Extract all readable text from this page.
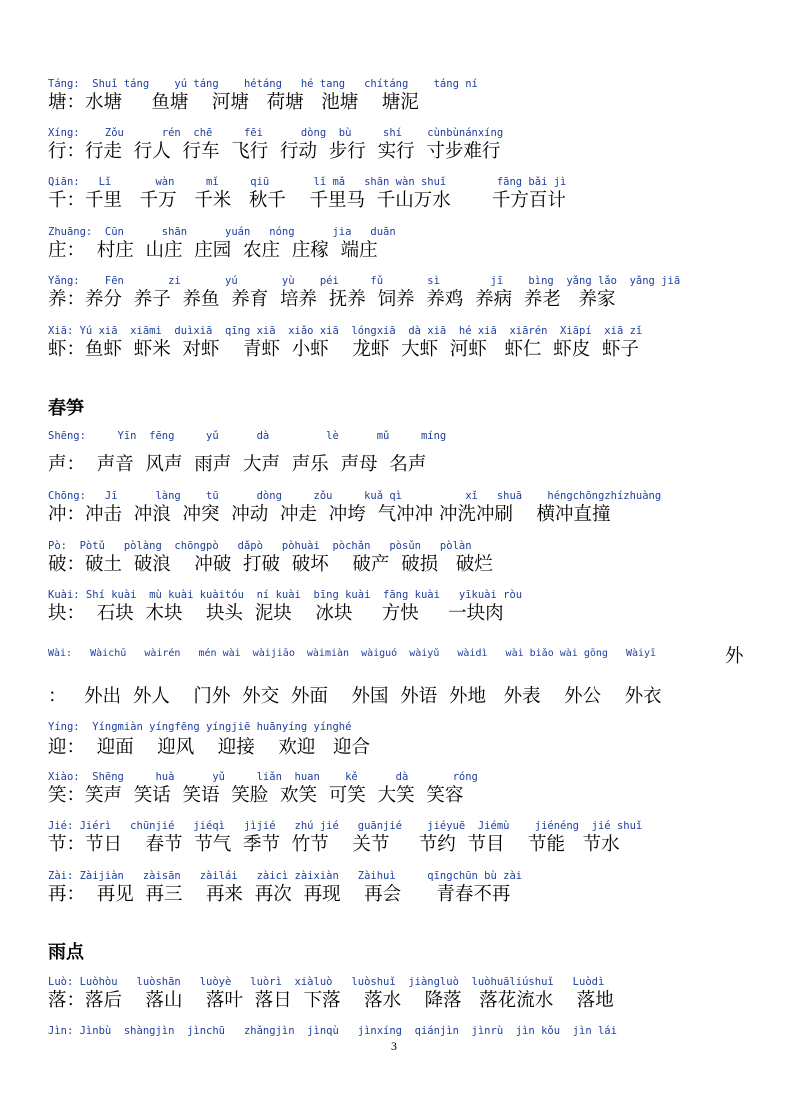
Táng:  Shuǐ táng    yú táng    hétáng   hé tang   chítáng    táng ní
塘：水塘     鱼塘    河塘   荷塘   池塘    塘泥
Xíng:    Zǒu      rén  chē     fēi      dòng  bù     shí    cùnbùnánxíng
行：行走  行人  行车  飞行  行动  步行  实行  寸步难行
Qiān:   Lǐ       wàn     mǐ     qiū       lǐ mǎ   shān wàn shuǐ        fāng bǎi jì
千：千里   千万   千米   秋千    千里马  千山万水       千方百计
Zhuāng:  Cūn      shān      yuán   nóng      jia   duān
庄：  村庄  山庄  庄园  农庄  庄稼  端庄
Yǎng:    Fēn       zi       yú       yù    péi     fǔ       sì        jī    bìng  yǎng lǎo  yǎng jiā
养：养分  养子  养鱼  养育  培养  抚养  饲养  养鸡  养病  养老   养家
Xiā: Yú xiā  xiāmi  duìxiā  qīng xiā  xiǎo xiā  lóngxiā  dà xiā  hé xiā  xiārén  Xiāpí  xiā zǐ
虾：鱼虾  虾米  对虾    青虾  小虾    龙虾  大虾  河虾   虾仁  虾皮  虾子
春笋
Shēng:     Yīn  fēng     yǔ      dà         lè      mǔ     míng
声：  声音  风声  雨声  大声  声乐  声母  名声
Chōng:   Jī      làng    tū      dòng     zǒu     kuǎ qì          xǐ   shuā    héngchōngzhízhuàng
冲：冲击  冲浪  冲突  冲动  冲走  冲垮  气冲冲 冲洗冲刷    横冲直撞
Pò:  Pòtǔ   pòlàng  chōngpò   dǎpò   pòhuài  pòchǎn   pòsǔn   pòlàn
破：破土  破浪    冲破  打破  破坏    破产  破损   破烂
Kuài: Shí kuài  mù kuài kuàitóu  ní kuài  bīng kuài  fāng kuài   yīkuài ròu
块：  石块  木块    块头  泥块    冰块     方快     一块肉
Wài:   Wàichū   wàirén   mén wài  wàijiāo  wàimiàn  wàiguó  wàiyǔ   wàidì   wài biǎo wài gōng   Wàiyī	外
：   外出  外人    门外  外交  外面    外国  外语  外地   外表    外公    外衣
Yíng:  Yíngmiàn yíngfēng yíngjiē huānyíng yínghé
迎：  迎面    迎风    迎接    欢迎   迎合
Xiào:  Shēng     huà      yǔ     liǎn  huan    kě      dà       róng
笑：笑声  笑话  笑语  笑脸  欢笑  可笑  大笑  笑容
Jié: Jiérì   chūnjié   jiéqì   jìjié   zhú jié   guānjié    jiéyuē  Jiémù    jiénéng  jié shuǐ
节：节日    春节  节气  季节  竹节    关节     节约  节目    节能   节水
Zài: Zàijiàn   zàisān   zàilái   zàicì zàixiàn   Zàihuì     qīngchūn bù zài
再：  再见  再三    再来  再次  再现    再会      青春不再
雨点
Luò: Luòhòu   luòshān   luòyè   luòrì  xiàluò   luòshuǐ  jiàngluò  luòhuāliúshuǐ   Luòdì
落：落后    落山    落叶  落日  下落    落水    降落   落花流水    落地
Jìn: Jìnbù  shàngjìn  jìnchū   zhǎngjìn  jìnqù   jìnxíng  qiánjìn  jìnrù  jìn kǒu  jìn lái
3
